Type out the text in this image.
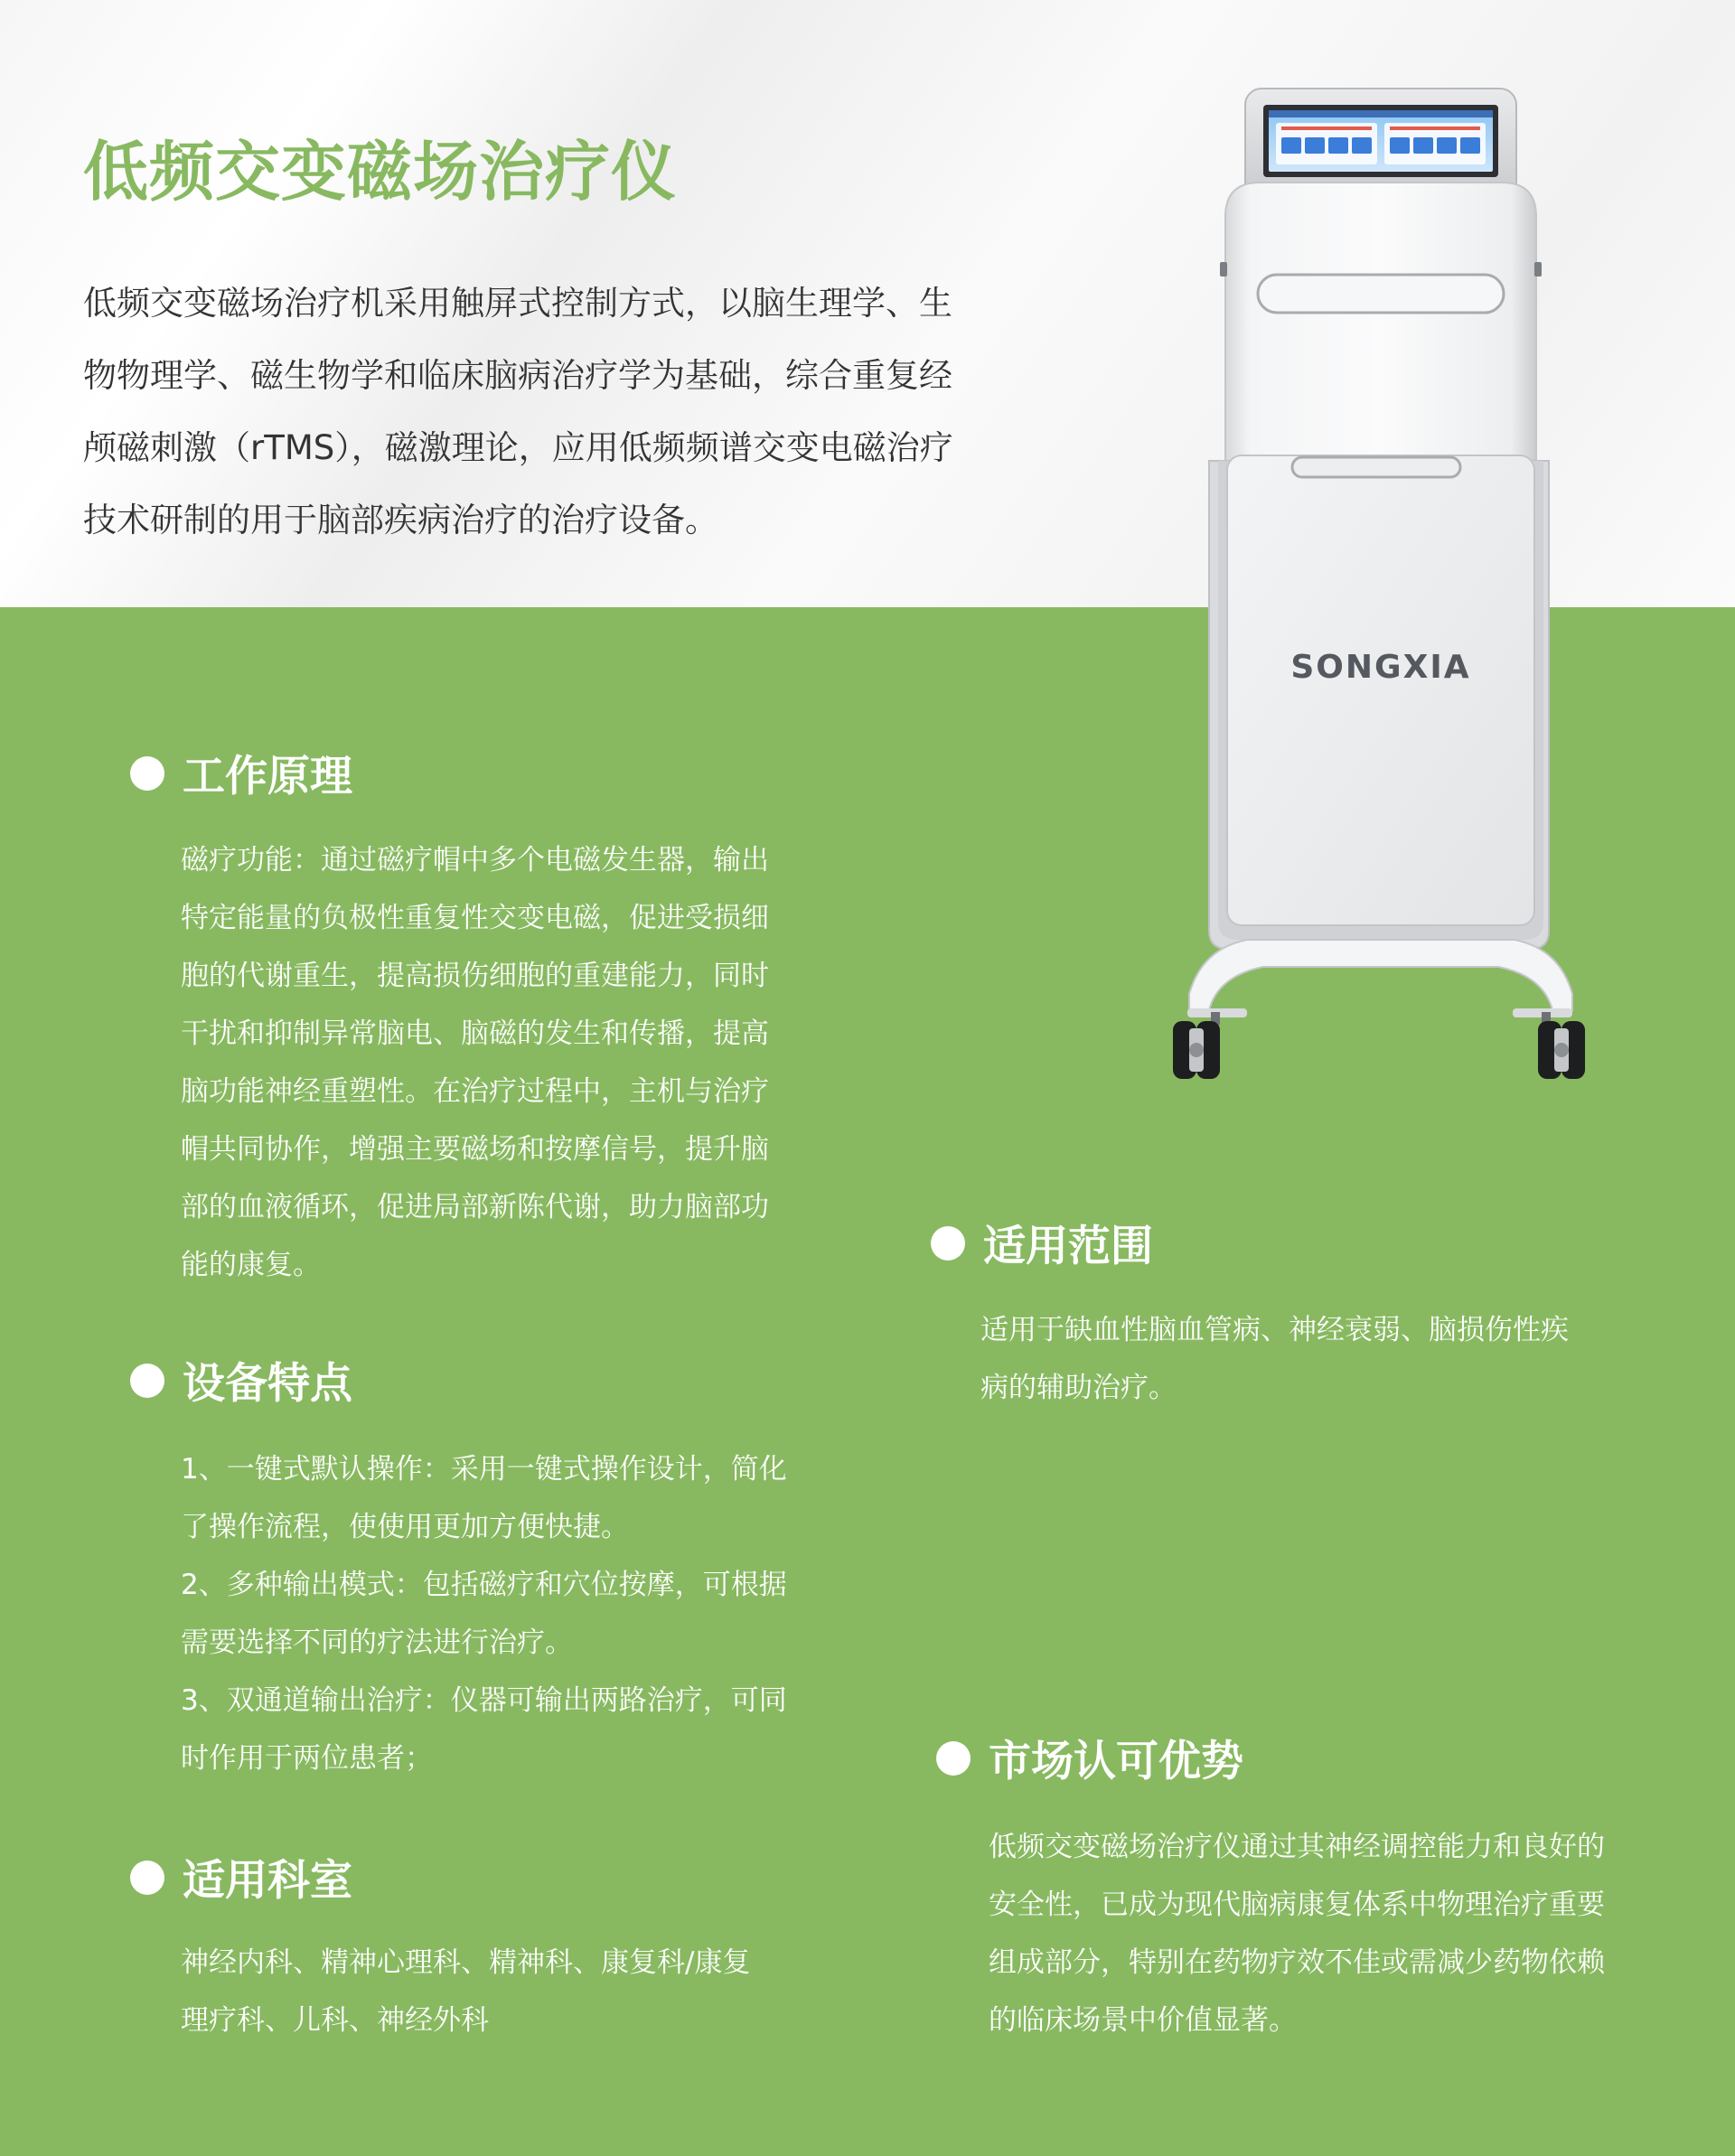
低频交变磁场治疗仪
低频交变磁场治疗机采用触屏式控制方式，以脑生理学、生
物物理学、磁生物学和临床脑病治疗学为基础，综合重复经
颅磁刺激（rTMS），磁激理论，应用低频频谱交变电磁治疗
技术研制的用于脑部疾病治疗的治疗设备。
SONGXIA
工作原理
磁疗功能：通过磁疗帽中多个电磁发生器，输出
特定能量的负极性重复性交变电磁，促进受损细
胞的代谢重生，提高损伤细胞的重建能力，同时
干扰和抑制异常脑电、脑磁的发生和传播，提高
脑功能神经重塑性。在治疗过程中，主机与治疗
帽共同协作，增强主要磁场和按摩信号，提升脑
部的血液循环，促进局部新陈代谢，助力脑部功
能的康复。
设备特点
1、一键式默认操作：采用一键式操作设计，简化
了操作流程，使使用更加方便快捷。
2、多种输出模式：包括磁疗和穴位按摩，可根据
需要选择不同的疗法进行治疗。
3、双通道输出治疗：仪器可输出两路治疗，可同
时作用于两位患者；
适用科室
神经内科、精神心理科、精神科、康复科/康复
理疗科、儿科、神经外科
适用范围
适用于缺血性脑血管病、神经衰弱、脑损伤性疾
病的辅助治疗。
市场认可优势
低频交变磁场治疗仪通过其神经调控能力和良好的
安全性，已成为现代脑病康复体系中物理治疗重要
组成部分，特别在药物疗效不佳或需减少药物依赖
的临床场景中价值显著。
